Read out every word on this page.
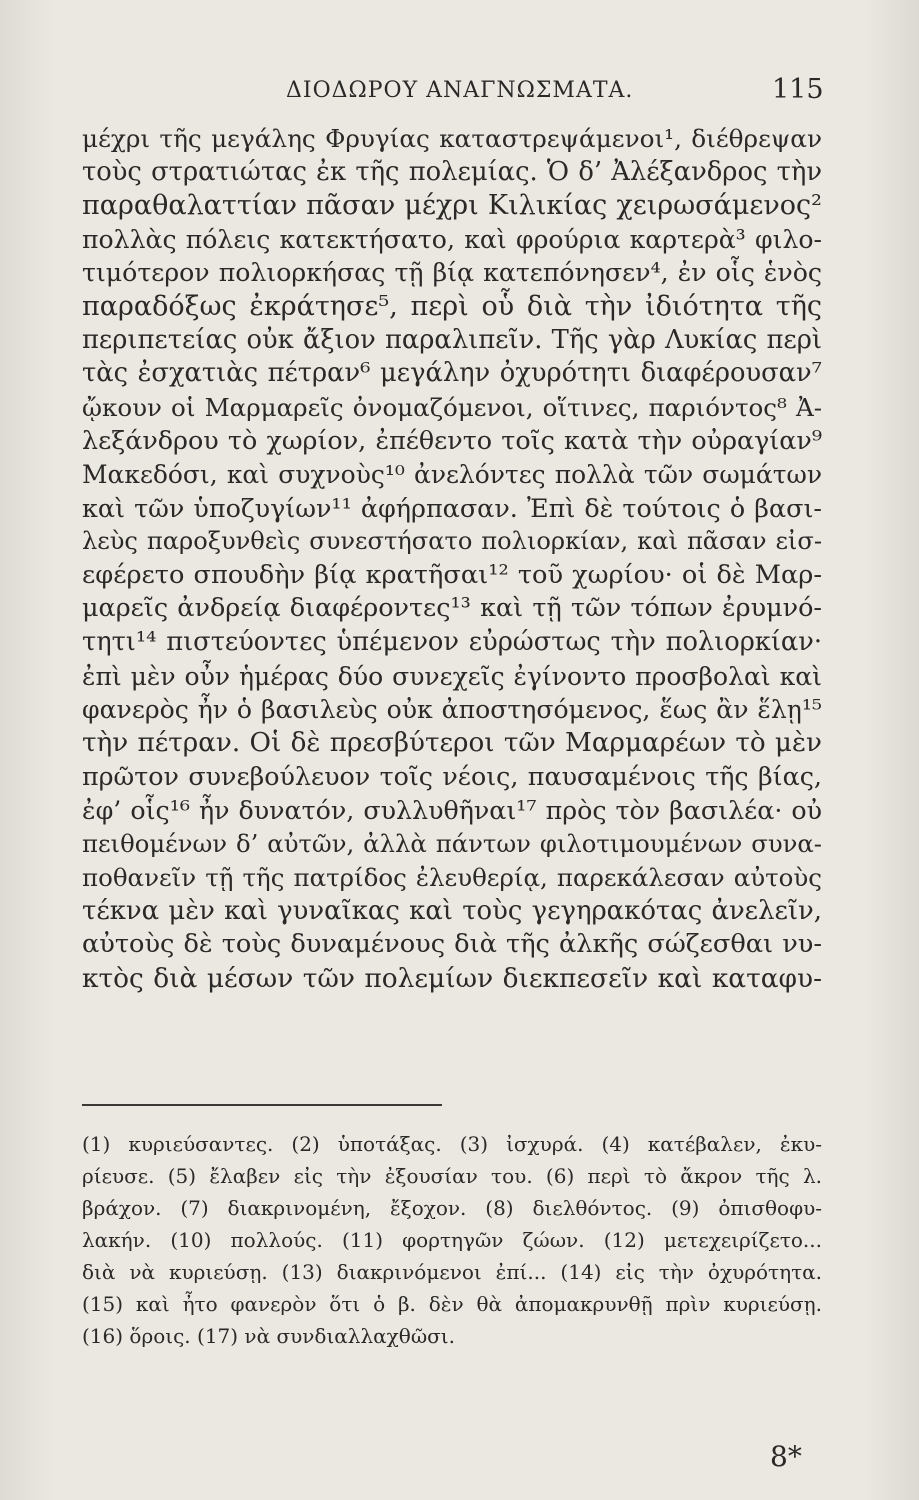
ΔΙΟΔΩΡΟΥ ΑΝΑΓΝΩΣΜΑΤΑ.	115
μέχρι τῆς μεγάλης Φρυγίας καταστρεψάμενοι¹, διέθρεψαν
τοὺς στρατιώτας ἐκ τῆς πολεμίας. Ὁ δ’ Ἀλέξανδρος τὴν
παραθαλαττίαν πᾶσαν μέχρι Κιλικίας χειρωσάμενος²
πολλὰς πόλεις κατεκτήσατο, καὶ φρούρια καρτερὰ³ φιλο-
τιμότερον πολιορκήσας τῇ βίᾳ κατεπόνησεν⁴, ἐν οἷς ἑνὸς
παραδόξως ἐκράτησε⁵, περὶ οὗ διὰ τὴν ἰδιότητα τῆς
περιπετείας οὐκ ἄξιον παραλιπεῖν. Τῆς γὰρ Λυκίας περὶ
τὰς ἐσχατιὰς πέτραν⁶ μεγάλην ὀχυρότητι διαφέρουσαν⁷
ᾤκουν οἱ Μαρμαρεῖς ὀνομαζόμενοι, οἵτινες, παριόντος⁸ Ἀ-
λεξάνδρου τὸ χωρίον, ἐπέθεντο τοῖς κατὰ τὴν οὐραγίαν⁹
Μακεδόσι, καὶ συχνοὺς¹⁰ ἀνελόντες πολλὰ τῶν σωμάτων
καὶ τῶν ὑποζυγίων¹¹ ἀφήρπασαν. Ἐπὶ δὲ τούτοις ὁ βασι-
λεὺς παροξυνθεὶς συνεστήσατο πολιορκίαν, καὶ πᾶσαν εἰσ-
εφέρετο σπουδὴν βίᾳ κρατῆσαι¹² τοῦ χωρίου· οἱ δὲ Μαρ-
μαρεῖς ἀνδρείᾳ διαφέροντες¹³ καὶ τῇ τῶν τόπων ἐρυμνό-
τητι¹⁴ πιστεύοντες ὑπέμενον εὐρώστως τὴν πολιορκίαν·
ἐπὶ μὲν οὖν ἡμέρας δύο συνεχεῖς ἐγίνοντο προσβολαὶ καὶ
φανερὸς ἦν ὁ βασιλεὺς οὐκ ἀποστησόμενος, ἕως ἂν ἕλῃ¹⁵
τὴν πέτραν. Οἱ δὲ πρεσβύτεροι τῶν Μαρμαρέων τὸ μὲν
πρῶτον συνεβούλευον τοῖς νέοις, παυσαμένοις τῆς βίας,
ἐφ’ οἷς¹⁶ ἦν δυνατόν, συλλυθῆναι¹⁷ πρὸς τὸν βασιλέα· οὐ
πειθομένων δ’ αὐτῶν, ἀλλὰ πάντων φιλοτιμουμένων συνα-
ποθανεῖν τῇ τῆς πατρίδος ἐλευθερίᾳ, παρεκάλεσαν αὐτοὺς
τέκνα μὲν καὶ γυναῖκας καὶ τοὺς γεγηρακότας ἀνελεῖν,
αὐτοὺς δὲ τοὺς δυναμένους διὰ τῆς ἀλκῆς σώζεσθαι νυ-
κτὸς διὰ μέσων τῶν πολεμίων διεκπεσεῖν καὶ καταφυ-
(1) κυριεύσαντες. (2) ὑποτάξας. (3) ἰσχυρά. (4) κατέβαλεν, ἐκυ-
ρίευσε. (5) ἔλαβεν εἰς τὴν ἐξουσίαν του. (6) περὶ τὸ ἄκρον τῆς λ.
βράχον. (7) διακρινομένη, ἔξοχον. (8) διελθόντος. (9) ὀπισθοφυ-
λακήν. (10) πολλούς. (11) φορτηγῶν ζώων. (12) μετεχειρίζετο...
διὰ νὰ κυριεύσῃ. (13) διακρινόμενοι ἐπί... (14) εἰς τὴν ὀχυρότητα.
(15) καὶ ἦτο φανερὸν ὅτι ὁ β. δὲν θὰ ἀπομακρυνθῇ πρὶν κυριεύσῃ.
(16) ὅροις. (17) νὰ συνδιαλλαχθῶσι.
8*
